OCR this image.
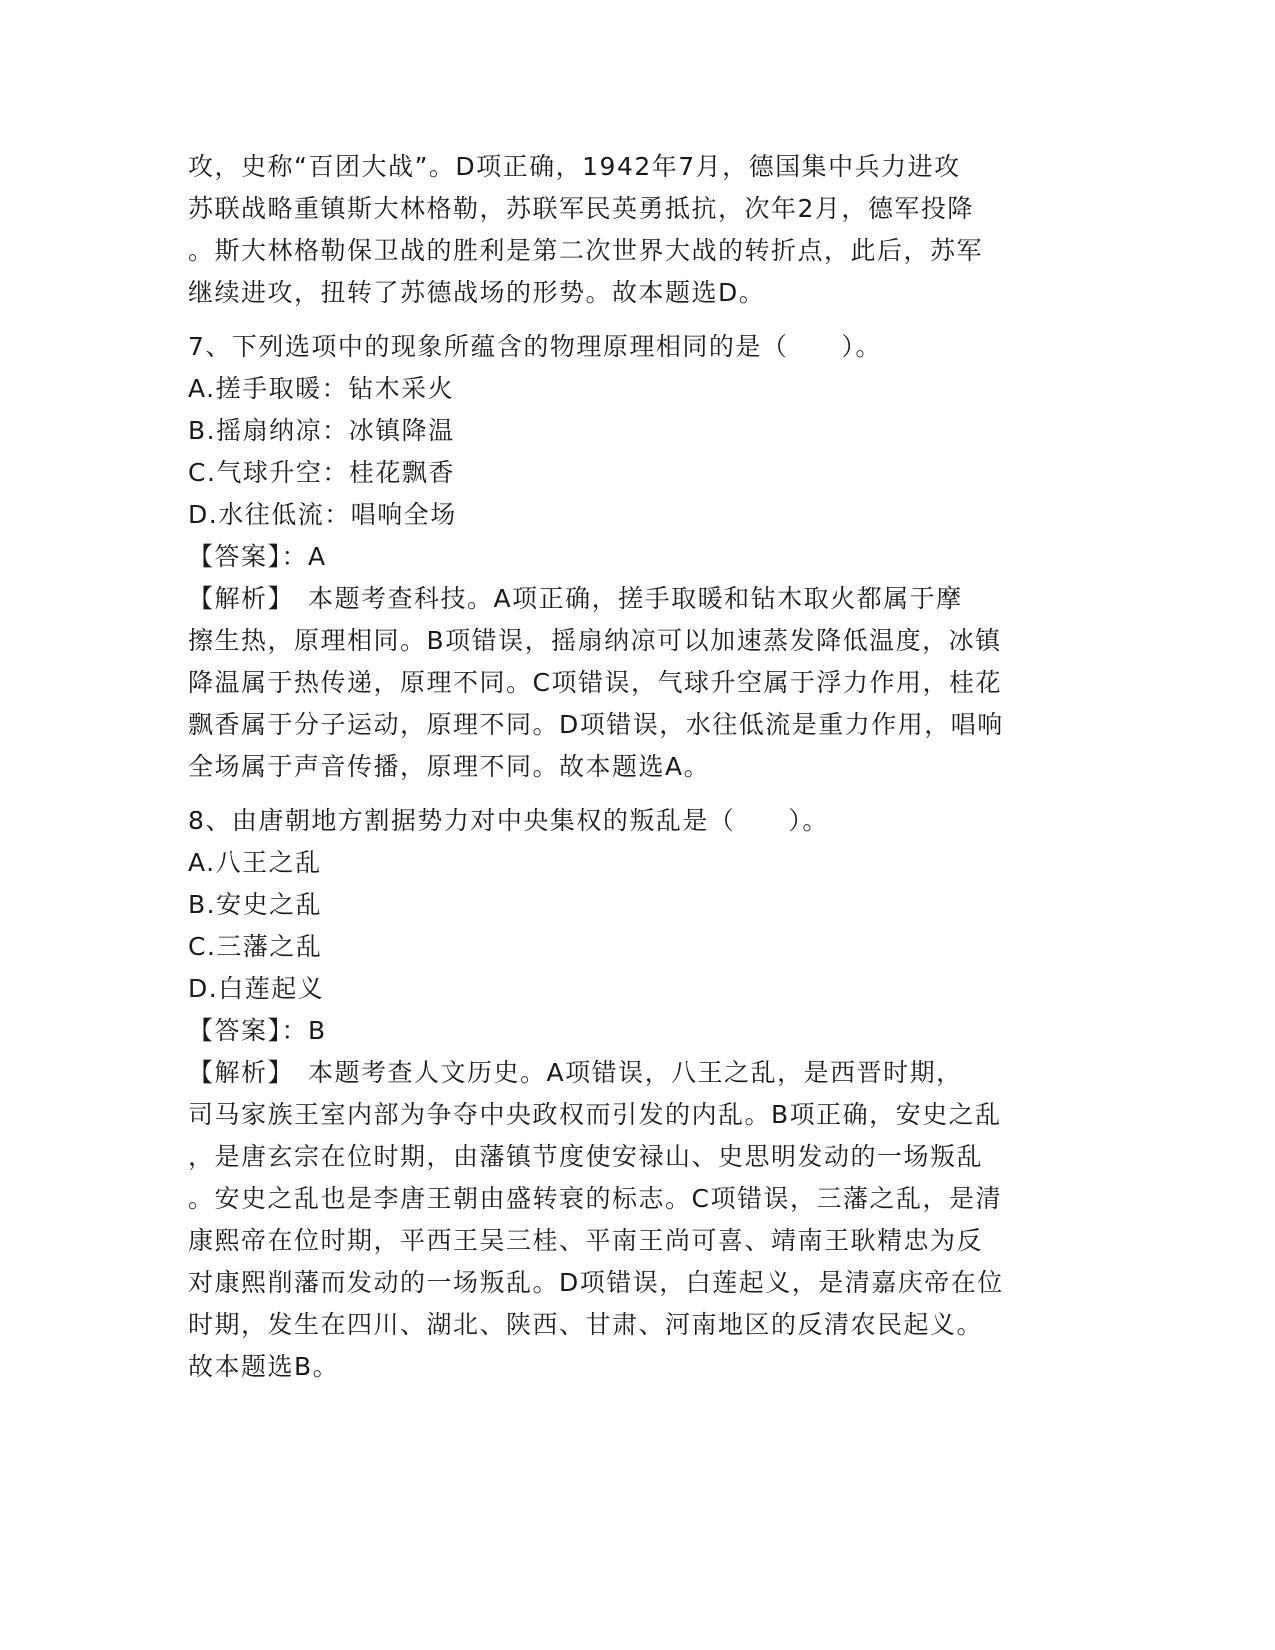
攻，史称“百团大战”。D项正确，1942年7月，德国集中兵力进攻
苏联战略重镇斯大林格勒，苏联军民英勇抵抗，次年2月，德军投降
。斯大林格勒保卫战的胜利是第二次世界大战的转折点，此后，苏军
继续进攻，扭转了苏德战场的形势。故本题选D。
7、下列选项中的现象所蕴含的物理原理相同的是（　　）。
A.搓手取暖：钻木采火
B.摇扇纳凉：冰镇降温
C.气球升空：桂花飘香
D.水往低流：唱响全场
【答案】：A
【解析】　本题考查科技。A项正确，搓手取暖和钻木取火都属于摩
擦生热，原理相同。B项错误，摇扇纳凉可以加速蒸发降低温度，冰镇
降温属于热传递，原理不同。C项错误，气球升空属于浮力作用，桂花
飘香属于分子运动，原理不同。D项错误，水往低流是重力作用，唱响
全场属于声音传播，原理不同。故本题选A。
8、由唐朝地方割据势力对中央集权的叛乱是（　　）。
A.八王之乱
B.安史之乱
C.三藩之乱
D.白莲起义
【答案】：B
【解析】　本题考查人文历史。A项错误，八王之乱，是西晋时期，
司马家族王室内部为争夺中央政权而引发的内乱。B项正确，安史之乱
，是唐玄宗在位时期，由藩镇节度使安禄山、史思明发动的一场叛乱
。安史之乱也是李唐王朝由盛转衰的标志。C项错误，三藩之乱，是清
康熙帝在位时期，平西王吴三桂、平南王尚可喜、靖南王耿精忠为反
对康熙削藩而发动的一场叛乱。D项错误，白莲起义，是清嘉庆帝在位
时期，发生在四川、湖北、陕西、甘肃、河南地区的反清农民起义。
故本题选B。
